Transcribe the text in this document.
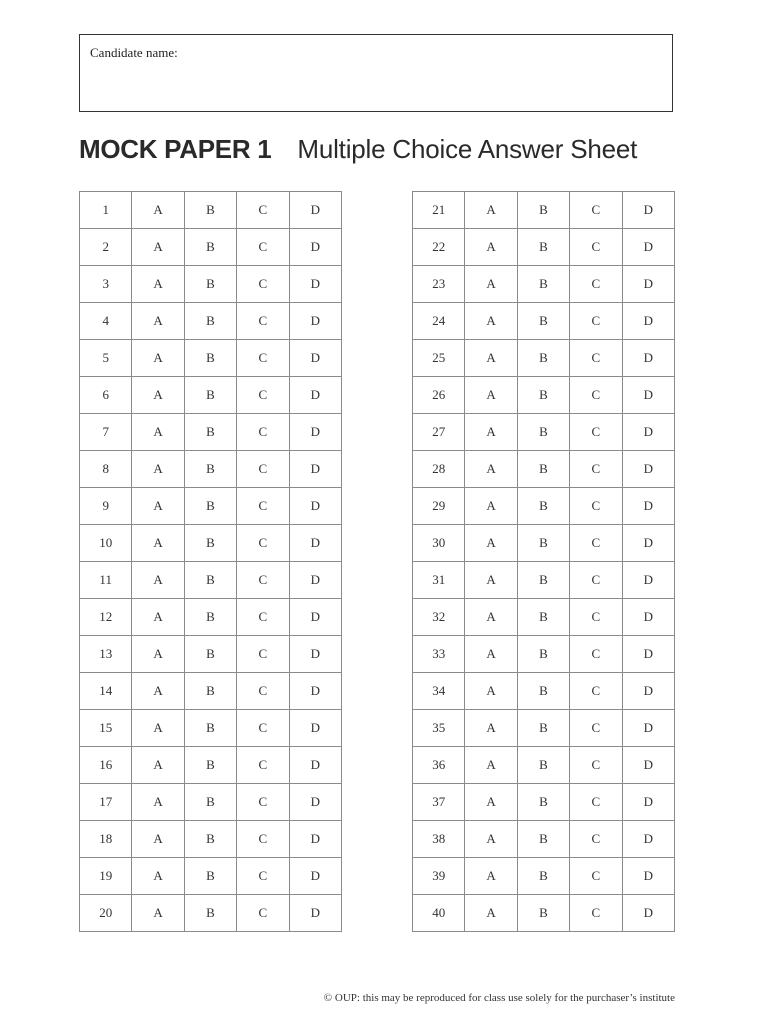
Candidate name:
MOCK PAPER 1 Multiple Choice Answer Sheet
1	A	B	C	D
2	A	B	C	D
3	A	B	C	D
4	A	B	C	D
5	A	B	C	D
6	A	B	C	D
7	A	B	C	D
8	A	B	C	D
9	A	B	C	D
10	A	B	C	D
11	A	B	C	D
12	A	B	C	D
13	A	B	C	D
14	A	B	C	D
15	A	B	C	D
16	A	B	C	D
17	A	B	C	D
18	A	B	C	D
19	A	B	C	D
20	A	B	C	D
21	A	B	C	D
22	A	B	C	D
23	A	B	C	D
24	A	B	C	D
25	A	B	C	D
26	A	B	C	D
27	A	B	C	D
28	A	B	C	D
29	A	B	C	D
30	A	B	C	D
31	A	B	C	D
32	A	B	C	D
33	A	B	C	D
34	A	B	C	D
35	A	B	C	D
36	A	B	C	D
37	A	B	C	D
38	A	B	C	D
39	A	B	C	D
40	A	B	C	D
© OUP: this may be reproduced for class use solely for the purchaser’s institute
